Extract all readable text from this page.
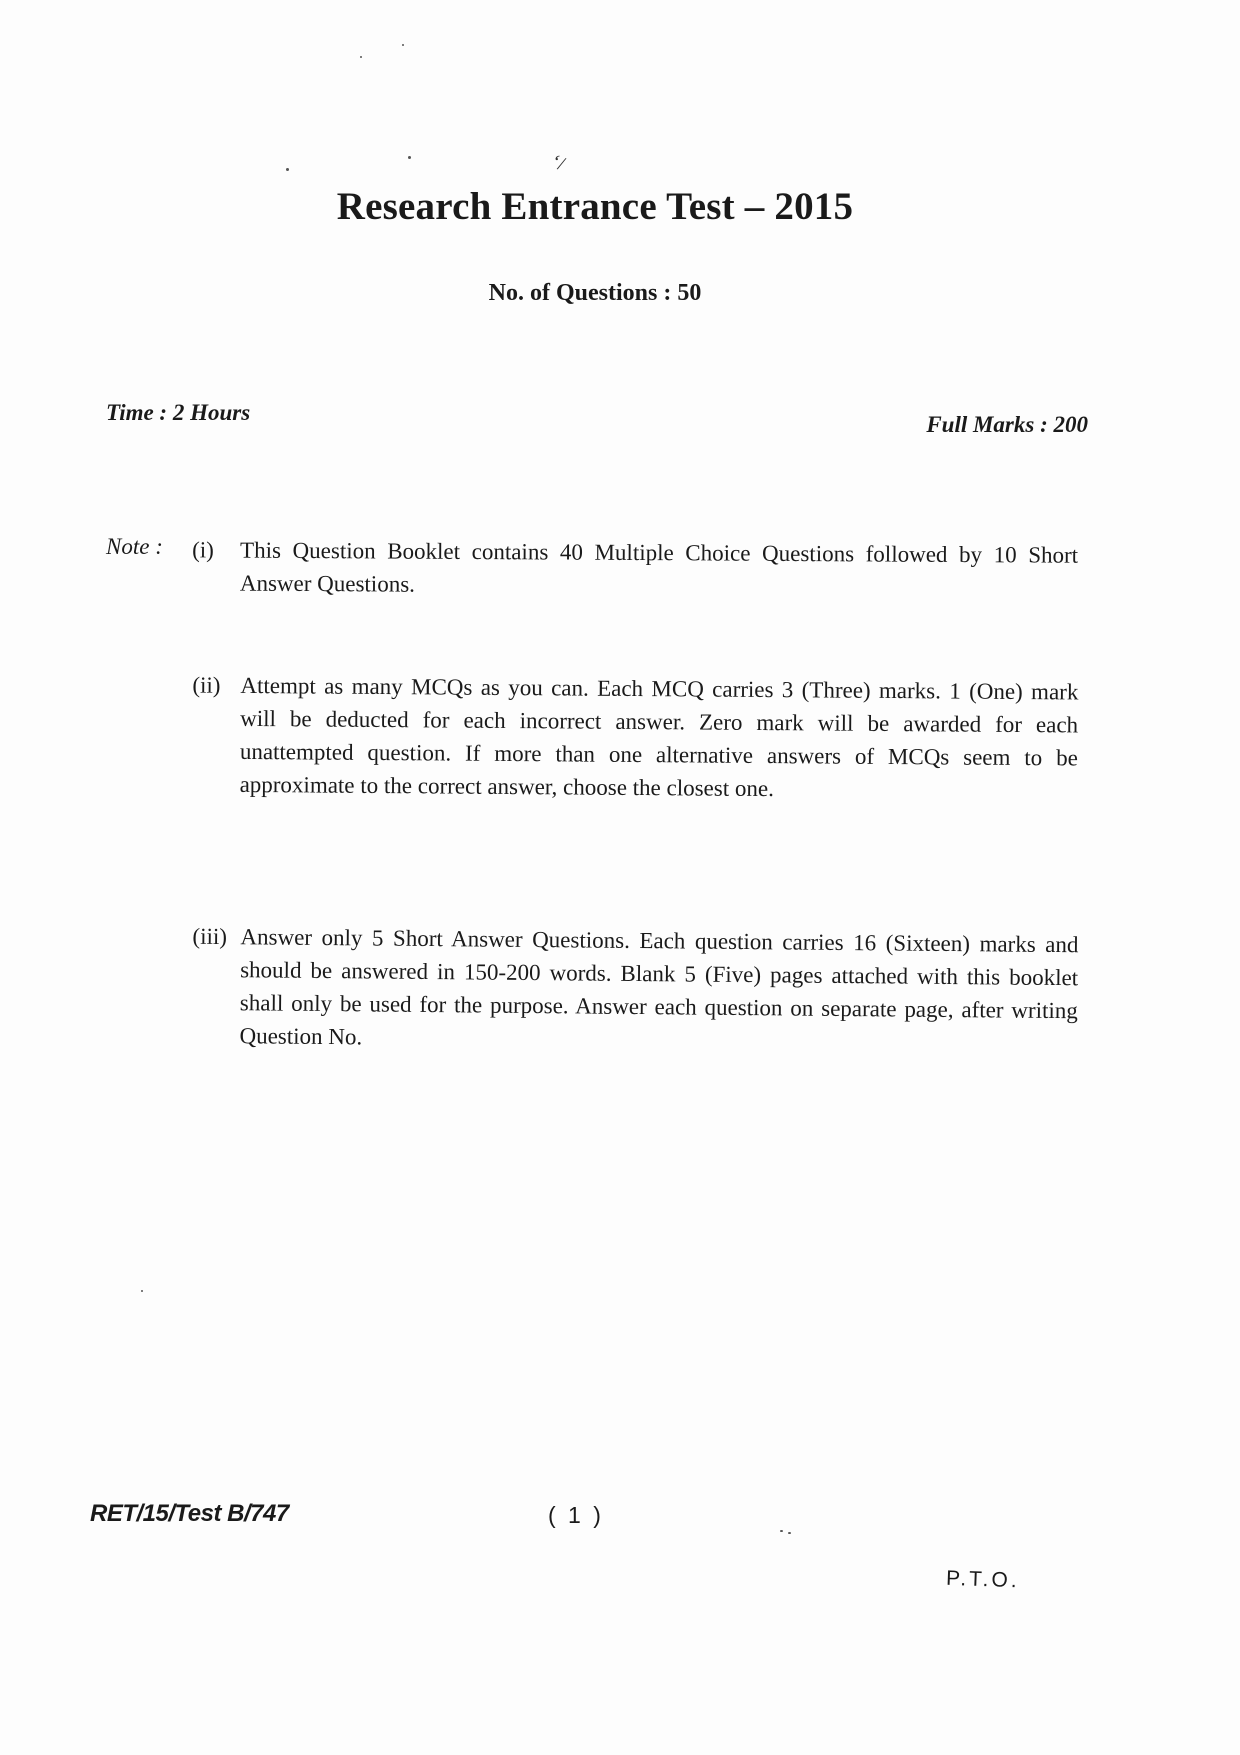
ʻ/
Research Entrance Test – 2015
No. of Questions : 50
Time : 2 Hours	Full Marks : 200
Note : (i) This Question Booklet contains 40 Multiple Choice Questions followed by 10 Short Answer Questions.
(ii) Attempt as many MCQs as you can. Each MCQ carries 3 (Three) marks. 1 (One) mark will be deducted for each incorrect answer. Zero mark will be awarded for each unattempted question. If more than one alternative answers of MCQs seem to be approximate to the correct answer, choose the closest one.
(iii) Answer only 5 Short Answer Questions. Each question carries 16 (Sixteen) marks and should be answered in 150-200 words. Blank 5 (Five) pages attached with this booklet shall only be used for the purpose. Answer each question on separate page, after writing Question No.
RET/15/Test B/747	( 1 )
P.T.O.
